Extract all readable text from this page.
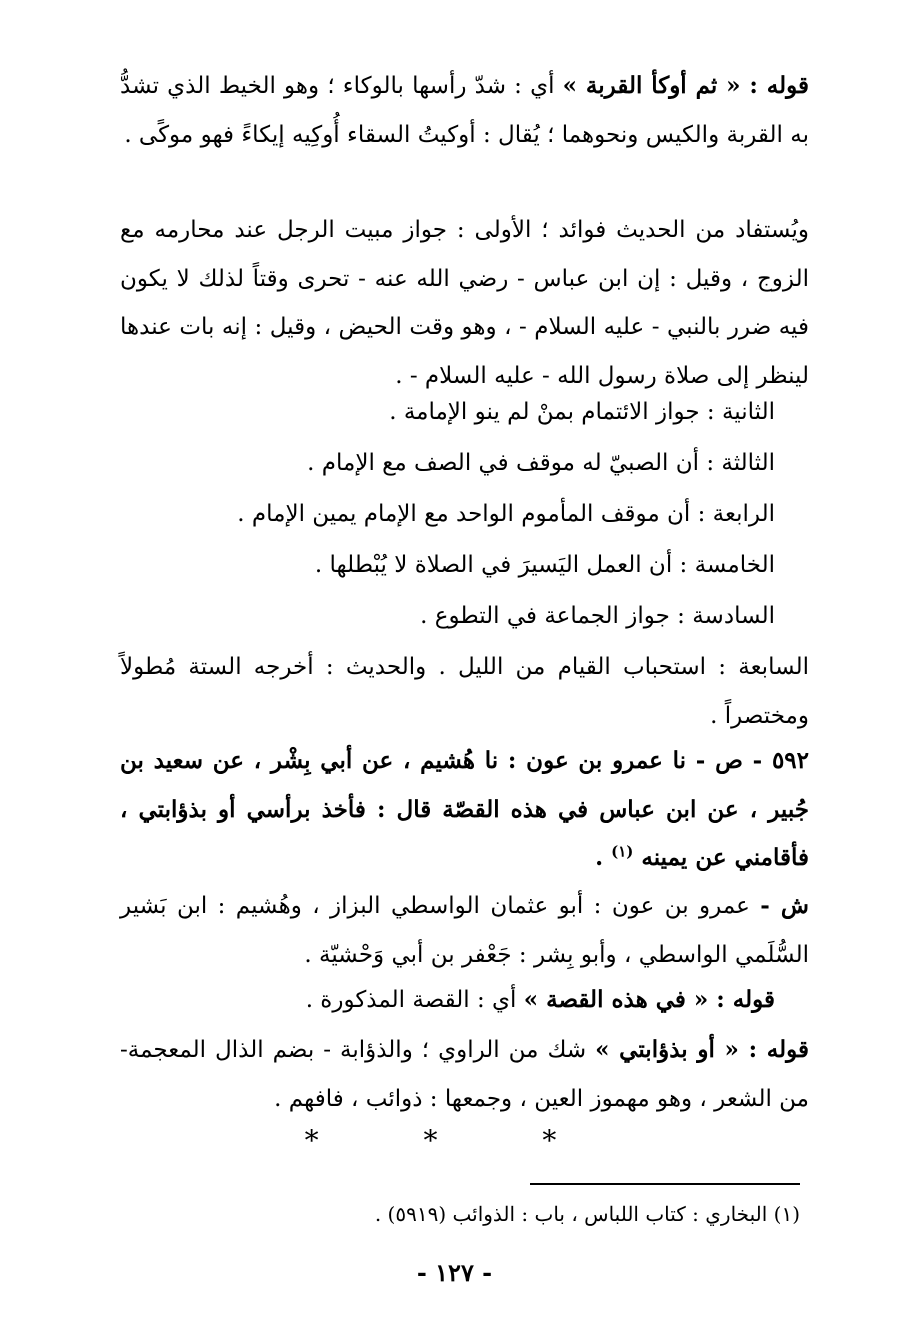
قوله : « ثم أوكأ القربة » أي : شدّ رأسها بالوكاء ؛ وهو الخيط الذي تشدُّ به القربة والكيس ونحوهما ؛ يُقال : أوكيتُ السقاء أُوكِيه إيكاءً فهو موكًى .
ويُستفاد من الحديث فوائد ؛ الأولى : جواز مبيت الرجل عند محارمه مع الزوج ، وقيل : إن ابن عباس - رضي الله عنه - تحرى وقتاً لذلك لا يكون فيه ضرر بالنبي - عليه السلام - ، وهو وقت الحيض ، وقيل : إنه بات عندها لينظر إلى صلاة رسول الله - عليه السلام - .
الثانية : جواز الائتمام بمنْ لم ينو الإمامة .
الثالثة : أن الصبيّ له موقف في الصف مع الإمام .
الرابعة : أن موقف المأموم الواحد مع الإمام يمين الإمام .
الخامسة : أن العمل اليَسيرَ في الصلاة لا يُبْطلها .
السادسة : جواز الجماعة في التطوع .
السابعة : استحباب القيام من الليل . والحديث : أخرجه الستة مُطولاً ومختصراً .
٥٩٢ - ص - نا عمرو بن عون : نا هُشيم ، عن أبي بِشْر ، عن سعيد بن جُبير ، عن ابن عباس في هذه القصّة قال : فأخذ برأسي أو بذؤابتي ، فأقامني عن يمينه $^{(١)}$ .
ش - عمرو بن عون : أبو عثمان الواسطي البزاز ، وهُشيم : ابن بَشير السُّلَمي الواسطي ، وأبو بِشر : جَعْفر بن أبي وَحْشيّة .
قوله : « في هذه القصة » أي : القصة المذكورة .
قوله : « أو بذؤابتي » شك من الراوي ؛ والذؤابة - بضم الذال المعجمة- من الشعر ، وهو مهموز العين ، وجمعها : ذوائب ، فافهم .
* * *
(١) البخاري : كتاب اللباس ، باب : الذوائب (٥٩١٩) .
- ١٢٧ -
